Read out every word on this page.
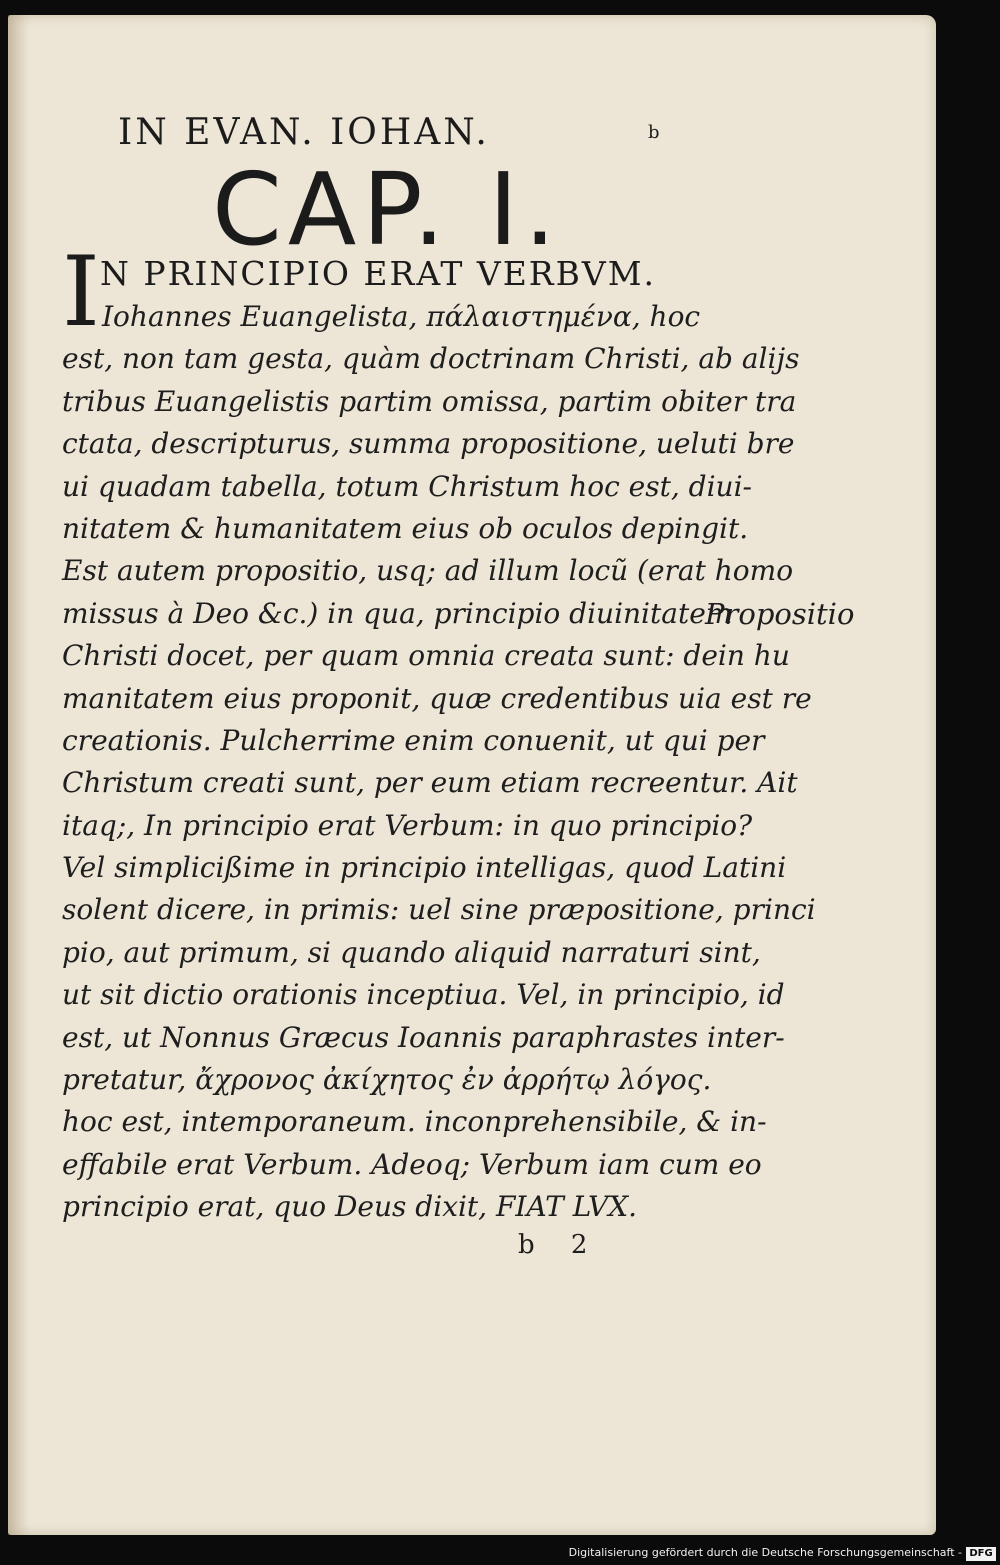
IN EVAN. IOHAN.	b
CAP. I.
I N PRINCIPIO ERAT VERBVM.
Iohannes Euangelista, πάλαιστημένα, hoc
est, non tam gesta, quàm doctrinam Christi, ab alijs
tribus Euangelistis partim omissa, partim obiter tra
ctata, descripturus, summa propositione, ueluti bre
ui quadam tabella, totum Christum hoc est, diui-
nitatem & humanitatem eius ob oculos depingit.
Est autem propositio, usq; ad illum locũ (erat homo
missus à Deo &c.) in qua, principio diuinitatem
Christi docet, per quam omnia creata sunt: dein hu
manitatem eius proponit, quæ credentibus uia est re
creationis. Pulcherrime enim conuenit, ut qui per
Christum creati sunt, per eum etiam recreentur. Ait
itaq;, In principio erat Verbum: in quo principio?
Vel simplicißime in principio intelligas, quod Latini
solent dicere, in primis: uel sine præpositione, princi
pio, aut primum, si quando aliquid narraturi sint,
ut sit dictio orationis inceptiua. Vel, in principio, id
est, ut Nonnus Græcus Ioannis paraphrastes inter-
pretatur, ἄχρονος ἀκίχητος ἐν ἀρρήτῳ λόγος.
hoc est, intemporaneum. inconprehensibile, & in-
effabile erat Verbum. Adeoq; Verbum iam cum eo
principio erat, quo Deus dixit, FIAT LVX.
Propositio
b 2
Digitalisierung gefördert durch die Deutsche Forschungsgemeinschaft - DFG
